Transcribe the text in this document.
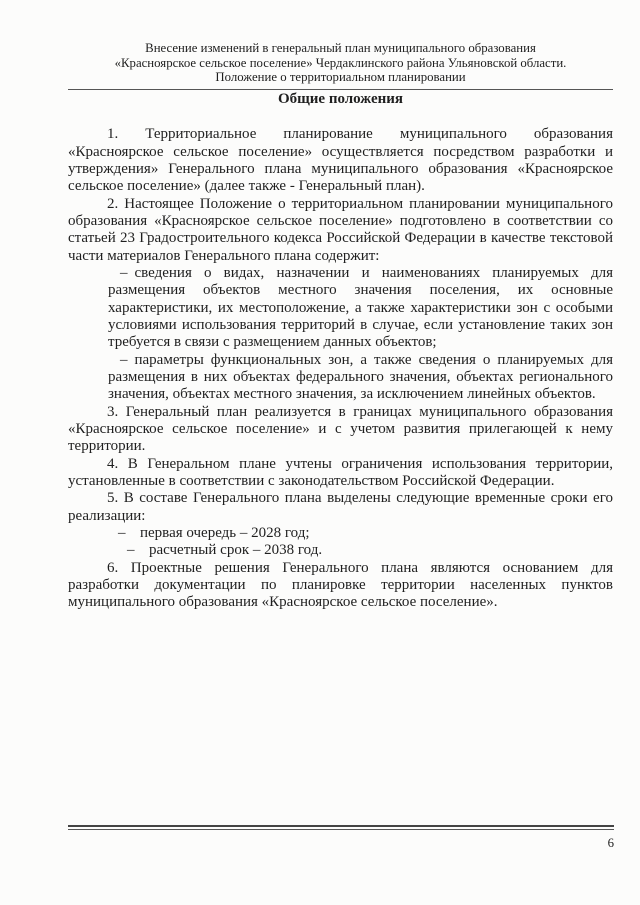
Внесение изменений в генеральный план муниципального образования
«Красноярское сельское поселение» Чердаклинского района Ульяновской области.
Положение о территориальном планировании
Общие положения

1. Территориальное планирование муниципального образования «Красноярское сельское поселение» осуществляется посредством разработки и утверждения» Генерального плана муниципального образования «Красноярское сельское поселение» (далее также - Генеральный план).

2. Настоящее Положение о территориальном планировании муниципального образования «Красноярское сельское поселение» подготовлено в соответствии со статьей 23 Градостроительного кодекса Российской Федерации в качестве текстовой части материалов Генерального плана содержит:

– сведения о видах, назначении и наименованиях планируемых для размещения объектов местного значения поселения, их основные характеристики, их местоположение, а также характеристики зон с особыми условиями использования территорий в случае, если установление таких зон требуется в связи с размещением данных объектов;

– параметры функциональных зон, а также сведения о планируемых для размещения в них объектах федерального значения, объектах регионального значения, объектах местного значения, за исключением линейных объектов.

3. Генеральный план реализуется в границах муниципального образования «Красноярское сельское поселение» и с учетом развития прилегающей к нему территории.

4. В Генеральном плане учтены ограничения использования территории, установленные в соответствии с законодательством Российской Федерации.

5. В составе Генерального плана выделены следующие временные сроки его реализации:

– первая очередь – 2028 год;

– расчетный срок – 2038 год.

6. Проектные решения Генерального плана являются основанием для разработки документации по планировке территории населенных пунктов муниципального образования «Красноярское сельское поселение».

6
